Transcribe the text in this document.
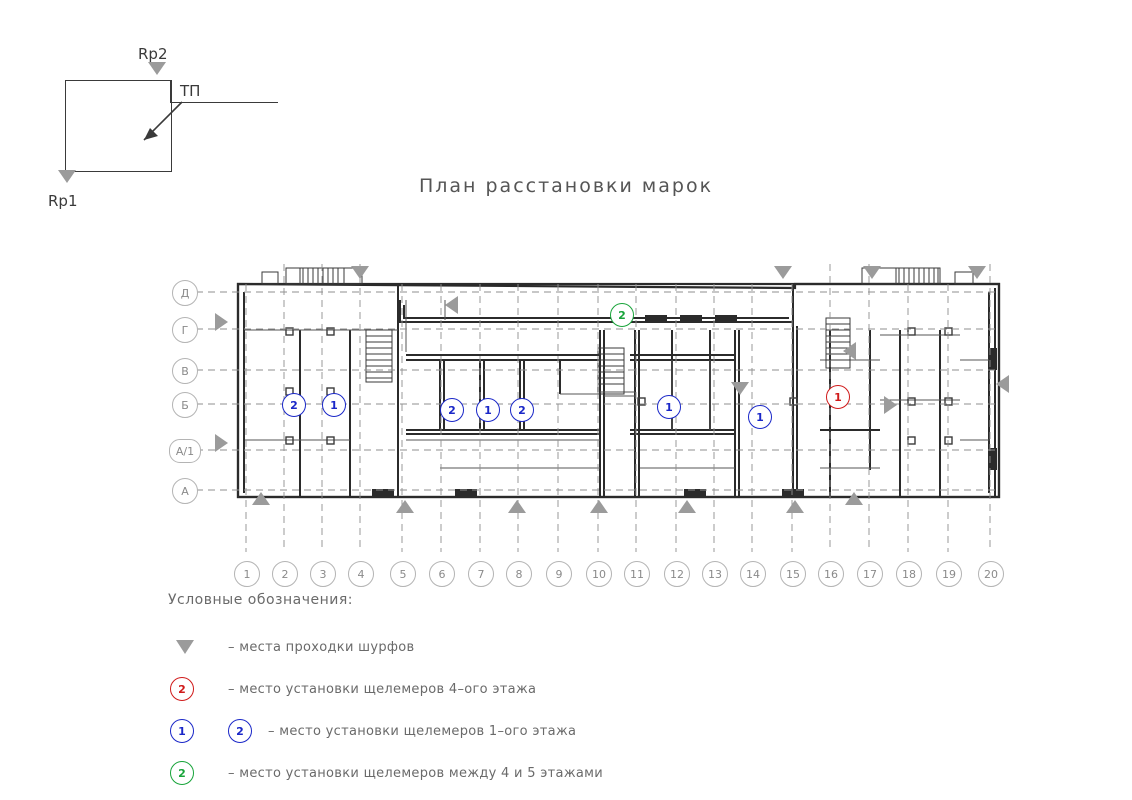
ТП
Rp2
Rp1
План расстановки марок
Д
Г
В
Б
А/1
А
1	2	3	4	5	6	7	8	9	10	11	12	13	14	15	16	17	18	19	20
2	1	2	1	2	1
1
1
2
Условные обозначения:
– места проходки шурфов
2	– место установки щелемеров 4–ого этажа
1	2	– место установки щелемеров 1–ого этажа
2	– место установки щелемеров между 4 и 5 этажами
